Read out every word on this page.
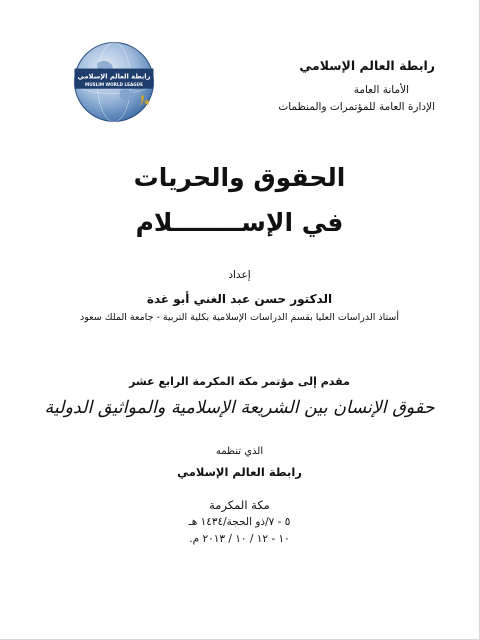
رابطة العالم الإسلامي
الأمانة العامة
الإدارة العامة للمؤتمرات والمنظمات
رابطة العالم الإسلامي
MUSLIM WORLD LEAGUE
الحقوق والحريات
في الإســــــــلام
إعداد
الدكتور حسن عبد الغني أبو غدة
أستاذ الدراسات العليا بقسم الدراسات الإسلامية بكلية التربية - جامعة الملك سعود
مقدم إلى مؤتمر مكة المكرمة الرابع عشر
حقوق الإنسان بين الشريعة الإسلامية والمواثيق الدولية
الذي تنظمه
رابطة العالم الإسلامي
مكة المكرمة
٥ - ٧/ذو الحجة/١٤٣٤ هـ
١٠ - ١٢ / ١٠ / ٢٠١٣ م.
